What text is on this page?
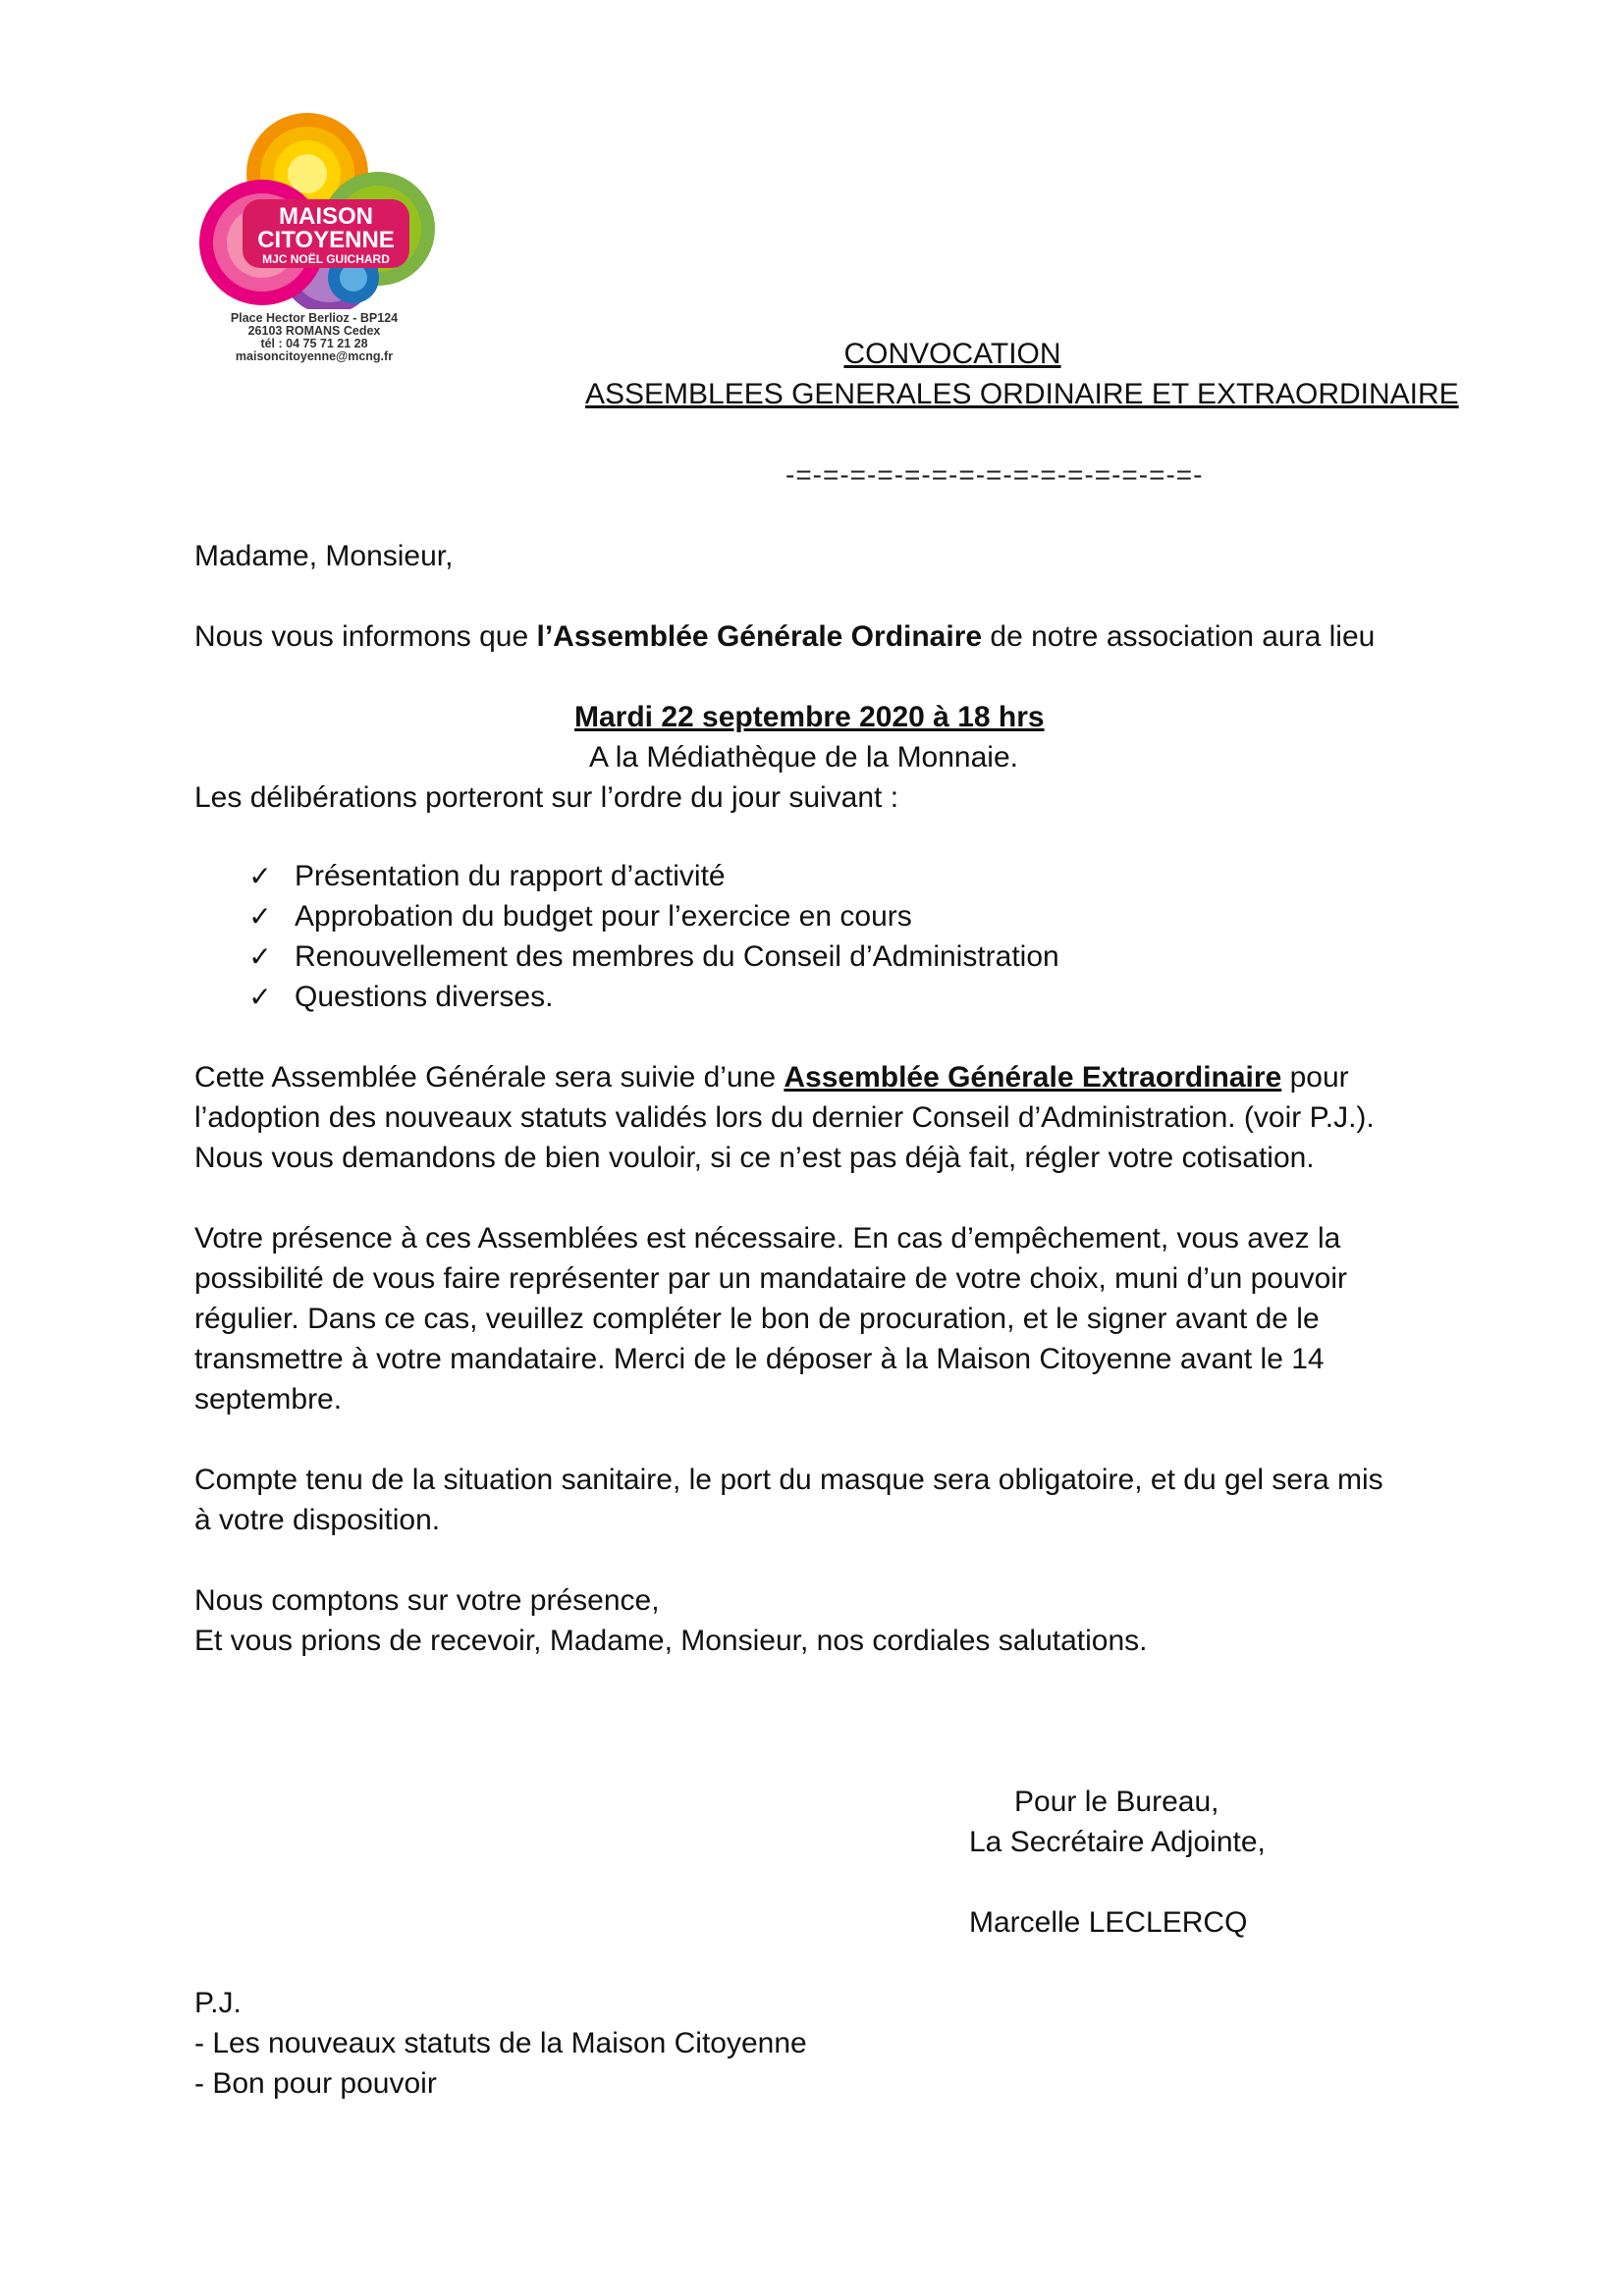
MAISON
CITOYENNE
MJC NOËL GUICHARD
Place Hector Berlioz - BP124
26103 ROMANS Cedex
tél : 04 75 71 21 28
maisoncitoyenne@mcng.fr	CONVOCATION
ASSEMBLEES GENERALES ORDINAIRE ET EXTRAORDINAIRE
-=-=-=-=-=-=-=-=-=-=-=-=-=-=-=-
Madame, Monsieur,
Nous vous informons que l’Assemblée Générale Ordinaire de notre association aura lieu
Mardi 22 septembre 2020 à 18 hrs
A la Médiathèque de la Monnaie.
Les délibérations porteront sur l’ordre du jour suivant :
✓ Présentation du rapport d’activité
✓ Approbation du budget pour l’exercice en cours
✓ Renouvellement des membres du Conseil d’Administration
✓ Questions diverses.
Cette Assemblée Générale sera suivie d’une Assemblée Générale Extraordinaire pour
l’adoption des nouveaux statuts validés lors du dernier Conseil d’Administration. (voir P.J.).
Nous vous demandons de bien vouloir, si ce n’est pas déjà fait, régler votre cotisation.
Votre présence à ces Assemblées est nécessaire. En cas d’empêchement, vous avez la
possibilité de vous faire représenter par un mandataire de votre choix, muni d’un pouvoir
régulier. Dans ce cas, veuillez compléter le bon de procuration, et le signer avant de le
transmettre à votre mandataire. Merci de le déposer à la Maison Citoyenne avant le 14
septembre.
Compte tenu de la situation sanitaire, le port du masque sera obligatoire, et du gel sera mis
à votre disposition.
Nous comptons sur votre présence,
Et vous prions de recevoir, Madame, Monsieur, nos cordiales salutations.
Pour le Bureau,
La Secrétaire Adjointe,
Marcelle LECLERCQ
P.J.
- Les nouveaux statuts de la Maison Citoyenne
- Bon pour pouvoir
